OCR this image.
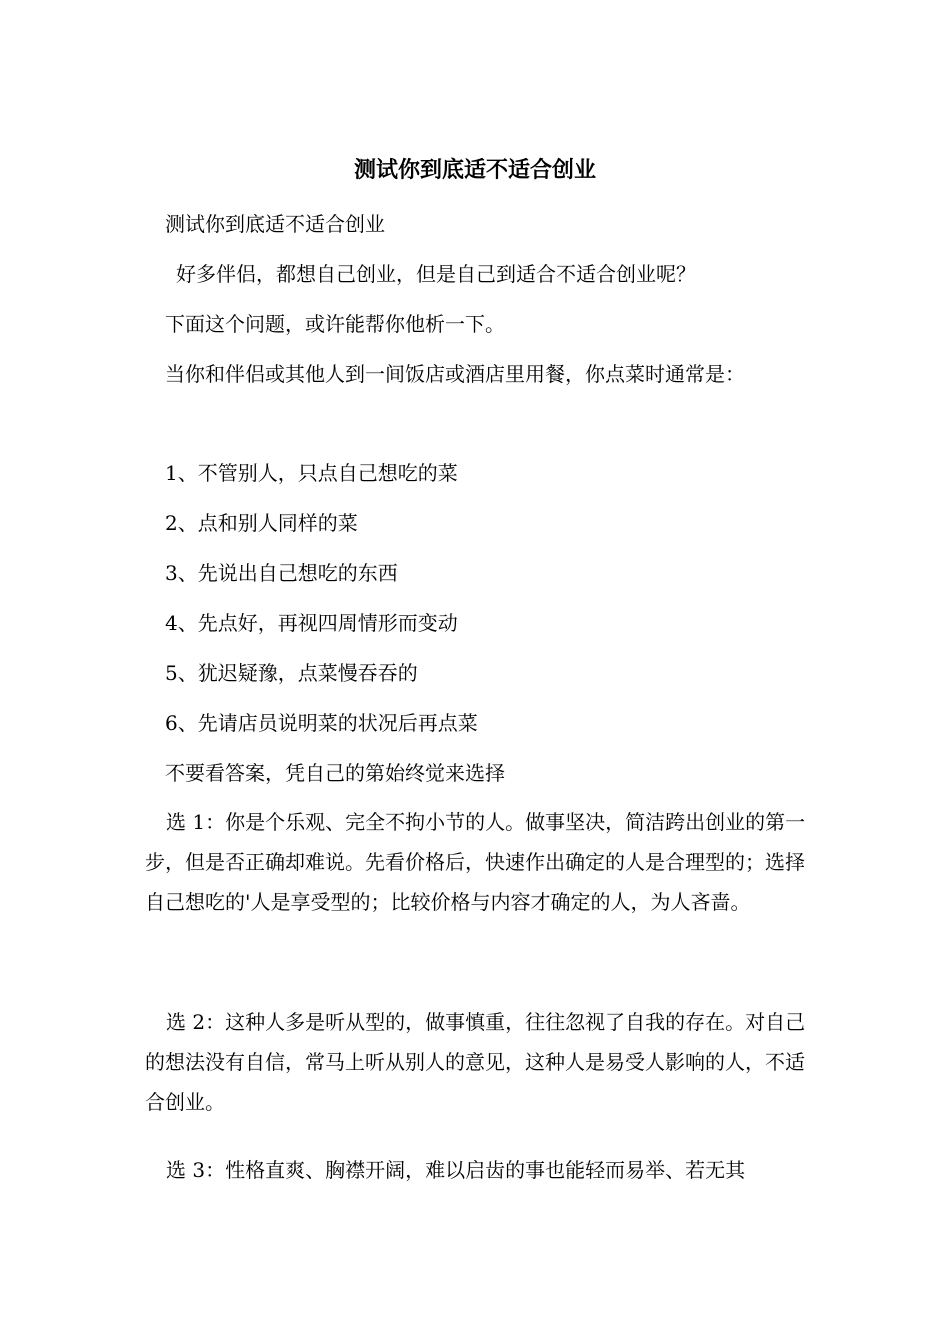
测试你到底适不适合创业
测试你到底适不适合创业
好多伴侣，都想自己创业，但是自己到适合不适合创业呢？
下面这个问题，或许能帮你他析一下。
当你和伴侣或其他人到一间饭店或酒店里用餐，你点菜时通常是：
1、不管别人，只点自己想吃的菜
2、点和别人同样的菜
3、先说出自己想吃的东西
4、先点好，再视四周情形而变动
5、犹迟疑豫，点菜慢吞吞的
6、先请店员说明菜的状况后再点菜
不要看答案，凭自己的第始终觉来选择
选 1：你是个乐观、完全不拘小节的人。做事坚决，简洁跨出创业的第一步，但是否正确却难说。先看价格后，快速作出确定的人是合理型的；选择自己想吃的'人是享受型的；比较价格与内容才确定的人，为人吝啬。
选 2：这种人多是听从型的，做事慎重，往往忽视了自我的存在。对自己的想法没有自信，常马上听从别人的意见，这种人是易受人影响的人，不适合创业。
选 3：性格直爽、胸襟开阔，难以启齿的事也能轻而易举、若无其
